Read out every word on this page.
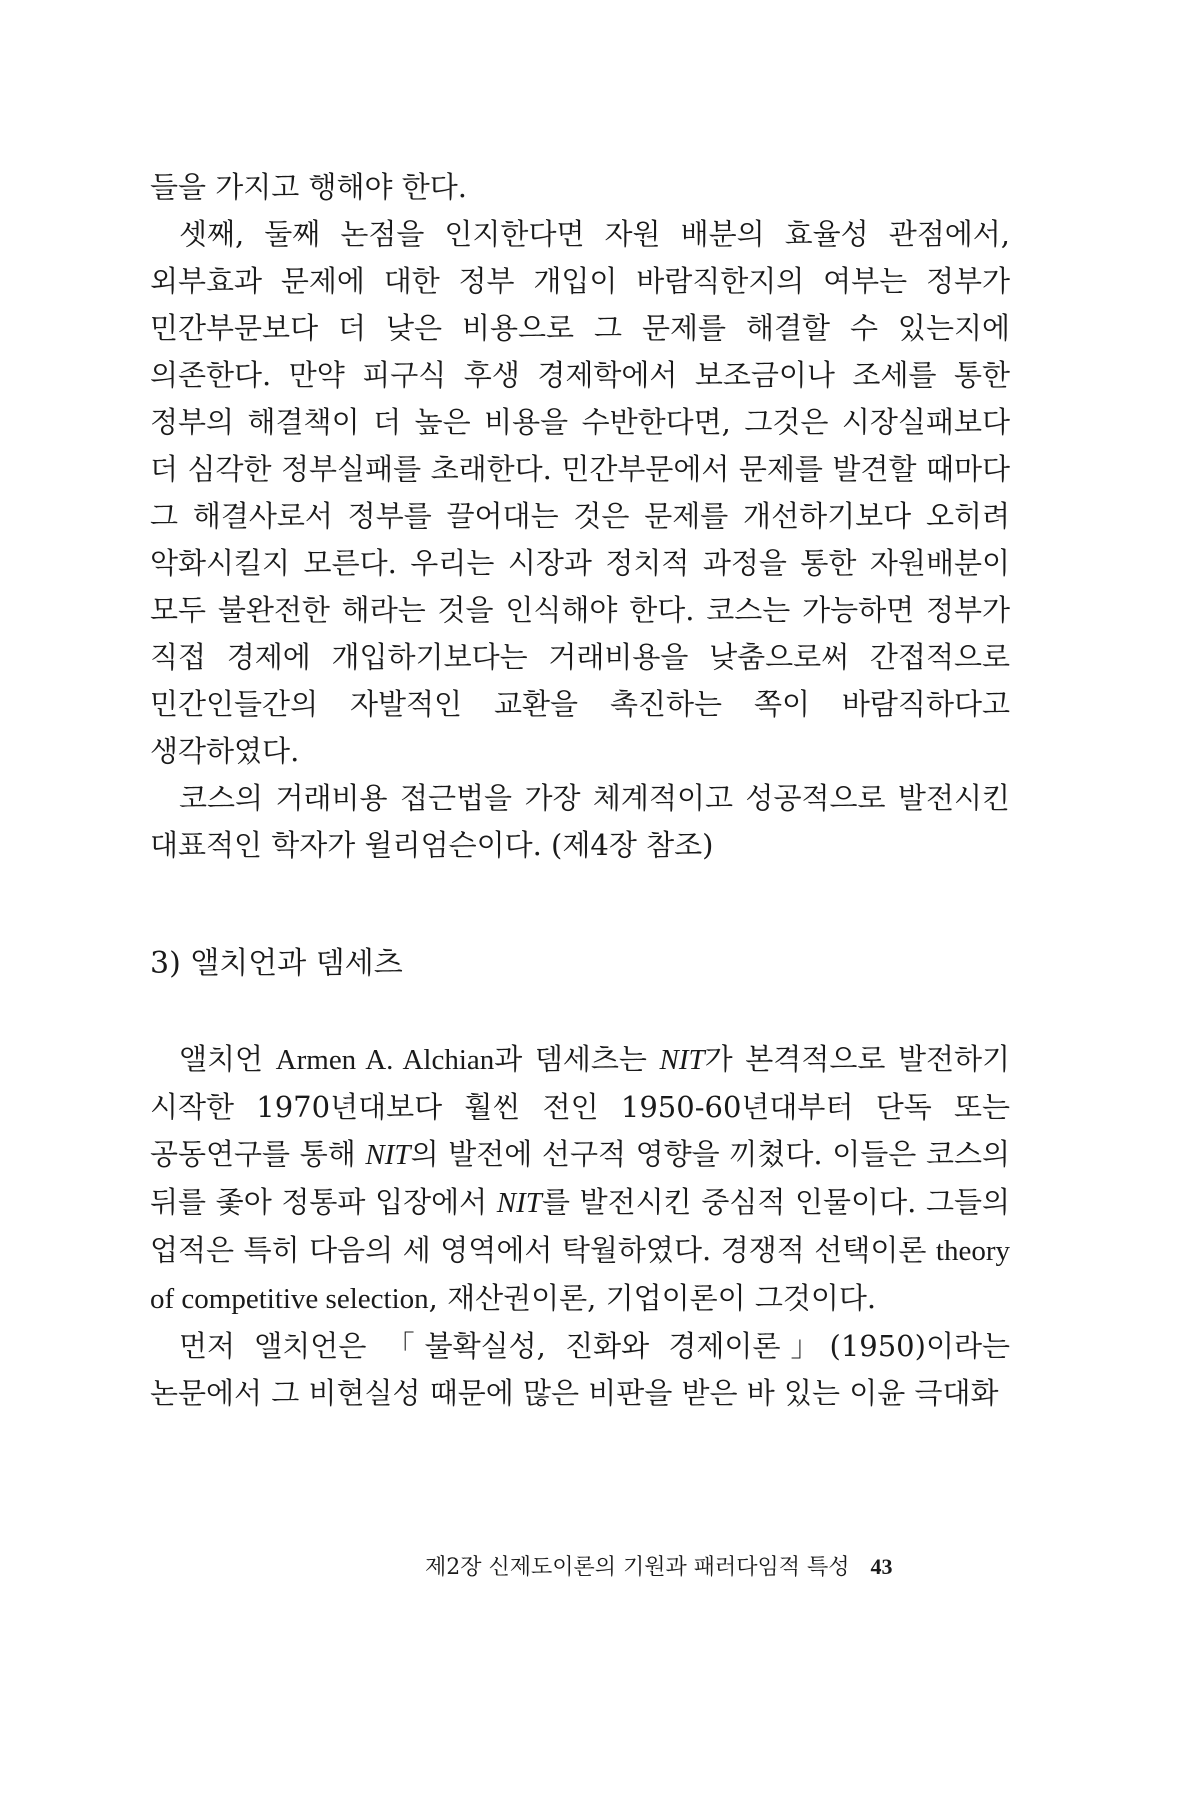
들을 가지고 행해야 한다.

셋째, 둘째 논점을 인지한다면 자원 배분의 효율성 관점에서, 외부효과 문제에 대한 정부 개입이 바람직한지의 여부는 정부가 민간부문보다 더 낮은 비용으로 그 문제를 해결할 수 있는지에 의존한다. 만약 피구식 후생 경제학에서 보조금이나 조세를 통한 정부의 해결책이 더 높은 비용을 수반한다면, 그것은 시장실패보다 더 심각한 정부실패를 초래한다. 민간부문에서 문제를 발견할 때마다 그 해결사로서 정부를 끌어대는 것은 문제를 개선하기보다 오히려 악화시킬지 모른다. 우리는 시장과 정치적 과정을 통한 자원배분이 모두 불완전한 해라는 것을 인식해야 한다. 코스는 가능하면 정부가 직접 경제에 개입하기보다는 거래비용을 낮춤으로써 간접적으로 민간인들간의 자발적인 교환을 촉진하는 쪽이 바람직하다고 생각하였다.

코스의 거래비용 접근법을 가장 체계적이고 성공적으로 발전시킨 대표적인 학자가 윌리엄슨이다. (제4장 참조)

3) 앨치언과 뎀세츠

앨치언 Armen A. Alchian과 뎀세츠는 NIT가 본격적으로 발전하기 시작한 1970년대보다 훨씬 전인 1950-60년대부터 단독 또는 공동연구를 통해 NIT의 발전에 선구적 영향을 끼쳤다. 이들은 코스의 뒤를 좇아 정통파 입장에서 NIT를 발전시킨 중심적 인물이다. 그들의 업적은 특히 다음의 세 영역에서 탁월하였다. 경쟁적 선택이론 theory of competitive selection, 재산권이론, 기업이론이 그것이다.

먼저 앨치언은 「불확실성, 진화와 경제이론」(1950)이라는 논문에서 그 비현실성 때문에 많은 비판을 받은 바 있는 이윤 극대화

제2장 신제도이론의 기원과 패러다임적 특성 43
